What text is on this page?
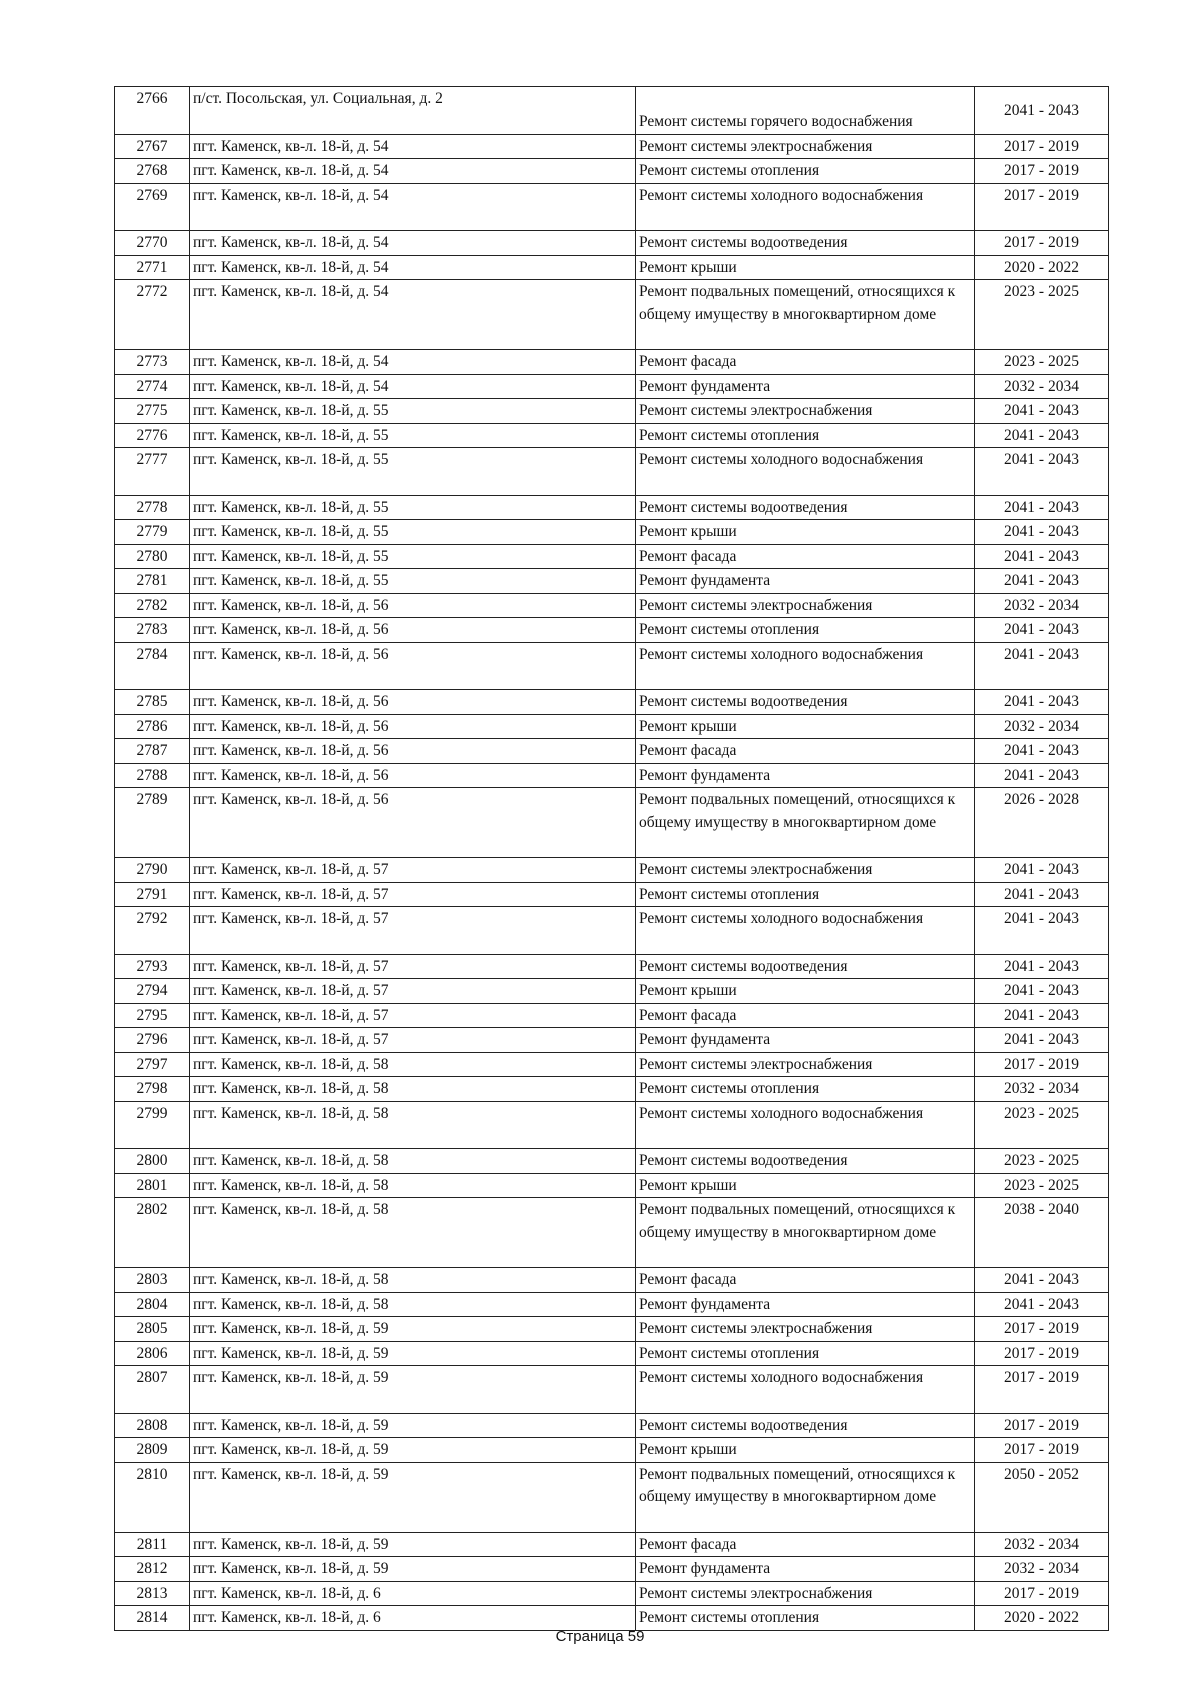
2766	п/ст. Посольская, ул. Социальная, д. 2	Ремонт системы горячего водоснабжения	2041 - 2043
2767	пгт. Каменск, кв-л. 18-й, д. 54	Ремонт системы электроснабжения	2017 - 2019
2768	пгт. Каменск, кв-л. 18-й, д. 54	Ремонт системы отопления	2017 - 2019
2769	пгт. Каменск, кв-л. 18-й, д. 54	Ремонт системы холодного водоснабжения	2017 - 2019
2770	пгт. Каменск, кв-л. 18-й, д. 54	Ремонт системы водоотведения	2017 - 2019
2771	пгт. Каменск, кв-л. 18-й, д. 54	Ремонт крыши	2020 - 2022
2772	пгт. Каменск, кв-л. 18-й, д. 54	Ремонт подвальных помещений, относящихся к общему имуществу в многоквартирном доме	2023 - 2025
2773	пгт. Каменск, кв-л. 18-й, д. 54	Ремонт фасада	2023 - 2025
2774	пгт. Каменск, кв-л. 18-й, д. 54	Ремонт фундамента	2032 - 2034
2775	пгт. Каменск, кв-л. 18-й, д. 55	Ремонт системы электроснабжения	2041 - 2043
2776	пгт. Каменск, кв-л. 18-й, д. 55	Ремонт системы отопления	2041 - 2043
2777	пгт. Каменск, кв-л. 18-й, д. 55	Ремонт системы холодного водоснабжения	2041 - 2043
2778	пгт. Каменск, кв-л. 18-й, д. 55	Ремонт системы водоотведения	2041 - 2043
2779	пгт. Каменск, кв-л. 18-й, д. 55	Ремонт крыши	2041 - 2043
2780	пгт. Каменск, кв-л. 18-й, д. 55	Ремонт фасада	2041 - 2043
2781	пгт. Каменск, кв-л. 18-й, д. 55	Ремонт фундамента	2041 - 2043
2782	пгт. Каменск, кв-л. 18-й, д. 56	Ремонт системы электроснабжения	2032 - 2034
2783	пгт. Каменск, кв-л. 18-й, д. 56	Ремонт системы отопления	2041 - 2043
2784	пгт. Каменск, кв-л. 18-й, д. 56	Ремонт системы холодного водоснабжения	2041 - 2043
2785	пгт. Каменск, кв-л. 18-й, д. 56	Ремонт системы водоотведения	2041 - 2043
2786	пгт. Каменск, кв-л. 18-й, д. 56	Ремонт крыши	2032 - 2034
2787	пгт. Каменск, кв-л. 18-й, д. 56	Ремонт фасада	2041 - 2043
2788	пгт. Каменск, кв-л. 18-й, д. 56	Ремонт фундамента	2041 - 2043
2789	пгт. Каменск, кв-л. 18-й, д. 56	Ремонт подвальных помещений, относящихся к общему имуществу в многоквартирном доме	2026 - 2028
2790	пгт. Каменск, кв-л. 18-й, д. 57	Ремонт системы электроснабжения	2041 - 2043
2791	пгт. Каменск, кв-л. 18-й, д. 57	Ремонт системы отопления	2041 - 2043
2792	пгт. Каменск, кв-л. 18-й, д. 57	Ремонт системы холодного водоснабжения	2041 - 2043
2793	пгт. Каменск, кв-л. 18-й, д. 57	Ремонт системы водоотведения	2041 - 2043
2794	пгт. Каменск, кв-л. 18-й, д. 57	Ремонт крыши	2041 - 2043
2795	пгт. Каменск, кв-л. 18-й, д. 57	Ремонт фасада	2041 - 2043
2796	пгт. Каменск, кв-л. 18-й, д. 57	Ремонт фундамента	2041 - 2043
2797	пгт. Каменск, кв-л. 18-й, д. 58	Ремонт системы электроснабжения	2017 - 2019
2798	пгт. Каменск, кв-л. 18-й, д. 58	Ремонт системы отопления	2032 - 2034
2799	пгт. Каменск, кв-л. 18-й, д. 58	Ремонт системы холодного водоснабжения	2023 - 2025
2800	пгт. Каменск, кв-л. 18-й, д. 58	Ремонт системы водоотведения	2023 - 2025
2801	пгт. Каменск, кв-л. 18-й, д. 58	Ремонт крыши	2023 - 2025
2802	пгт. Каменск, кв-л. 18-й, д. 58	Ремонт подвальных помещений, относящихся к общему имуществу в многоквартирном доме	2038 - 2040
2803	пгт. Каменск, кв-л. 18-й, д. 58	Ремонт фасада	2041 - 2043
2804	пгт. Каменск, кв-л. 18-й, д. 58	Ремонт фундамента	2041 - 2043
2805	пгт. Каменск, кв-л. 18-й, д. 59	Ремонт системы электроснабжения	2017 - 2019
2806	пгт. Каменск, кв-л. 18-й, д. 59	Ремонт системы отопления	2017 - 2019
2807	пгт. Каменск, кв-л. 18-й, д. 59	Ремонт системы холодного водоснабжения	2017 - 2019
2808	пгт. Каменск, кв-л. 18-й, д. 59	Ремонт системы водоотведения	2017 - 2019
2809	пгт. Каменск, кв-л. 18-й, д. 59	Ремонт крыши	2017 - 2019
2810	пгт. Каменск, кв-л. 18-й, д. 59	Ремонт подвальных помещений, относящихся к общему имуществу в многоквартирном доме	2050 - 2052
2811	пгт. Каменск, кв-л. 18-й, д. 59	Ремонт фасада	2032 - 2034
2812	пгт. Каменск, кв-л. 18-й, д. 59	Ремонт фундамента	2032 - 2034
2813	пгт. Каменск, кв-л. 18-й, д. 6	Ремонт системы электроснабжения	2017 - 2019
2814	пгт. Каменск, кв-л. 18-й, д. 6	Ремонт системы отопления	2020 - 2022
Страница 59
